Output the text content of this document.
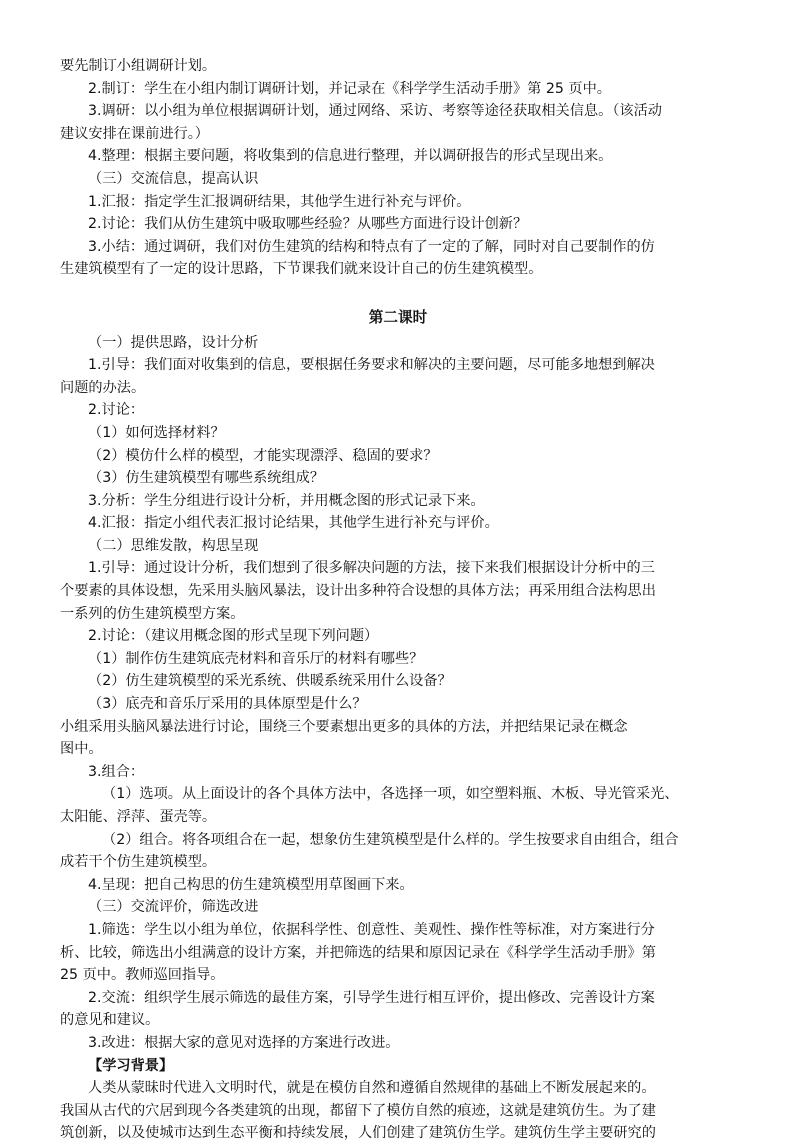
要先制订小组调研计划。
2.制订：学生在小组内制订调研计划，并记录在《科学学生活动手册》第 25 页中。
3.调研：以小组为单位根据调研计划，通过网络、采访、考察等途径获取相关信息。（该活动
建议安排在课前进行。）
4.整理：根据主要问题，将收集到的信息进行整理，并以调研报告的形式呈现出来。
（三）交流信息，提高认识
1.汇报：指定学生汇报调研结果，其他学生进行补充与评价。
2.讨论：我们从仿生建筑中吸取哪些经验？从哪些方面进行设计创新？
3.小结：通过调研，我们对仿生建筑的结构和特点有了一定的了解，同时对自己要制作的仿
生建筑模型有了一定的设计思路，下节课我们就来设计自己的仿生建筑模型。
第二课时
（一）提供思路，设计分析
1.引导：我们面对收集到的信息，要根据任务要求和解决的主要问题，尽可能多地想到解决
问题的办法。
2.讨论：
（1）如何选择材料？
（2）模仿什么样的模型，才能实现漂浮、稳固的要求？
（3）仿生建筑模型有哪些系统组成？
3.分析：学生分组进行设计分析，并用概念图的形式记录下来。
4.汇报：指定小组代表汇报讨论结果，其他学生进行补充与评价。
（二）思维发散，构思呈现
1.引导：通过设计分析，我们想到了很多解决问题的方法，接下来我们根据设计分析中的三
个要素的具体设想，先采用头脑风暴法，设计出多种符合设想的具体方法；再采用组合法构思出
一系列的仿生建筑模型方案。
2.讨论：（建议用概念图的形式呈现下列问题）
（1）制作仿生建筑底壳材料和音乐厅的材料有哪些？
（2）仿生建筑模型的采光系统、供暖系统采用什么设备？
（3）底壳和音乐厅采用的具体原型是什么？
小组采用头脑风暴法进行讨论，围绕三个要素想出更多的具体的方法，并把结果记录在概念
图中。
3.组合：
（1）选项。从上面设计的各个具体方法中，各选择一项，如空塑料瓶、木板、导光管采光、
太阳能、浮萍、蛋壳等。
（2）组合。将各项组合在一起，想象仿生建筑模型是什么样的。学生按要求自由组合，组合
成若干个仿生建筑模型。
4.呈现：把自己构思的仿生建筑模型用草图画下来。
（三）交流评价，筛选改进
1.筛选：学生以小组为单位，依据科学性、创意性、美观性、操作性等标准，对方案进行分
析、比较，筛选出小组满意的设计方案，并把筛选的结果和原因记录在《科学学生活动手册》第
25 页中。教师巡回指导。
2.交流：组织学生展示筛选的最佳方案，引导学生进行相互评价，提出修改、完善设计方案
的意见和建议。
3.改进：根据大家的意见对选择的方案进行改进。
【学习背景】
人类从蒙昧时代进入文明时代，就是在模仿自然和遵循自然规律的基础上不断发展起来的。
我国从古代的穴居到现今各类建筑的出现，都留下了模仿自然的痕迹，这就是建筑仿生。为了建
筑创新，以及使城市达到生态平衡和持续发展，人们创建了建筑仿生学。建筑仿生学主要研究的
